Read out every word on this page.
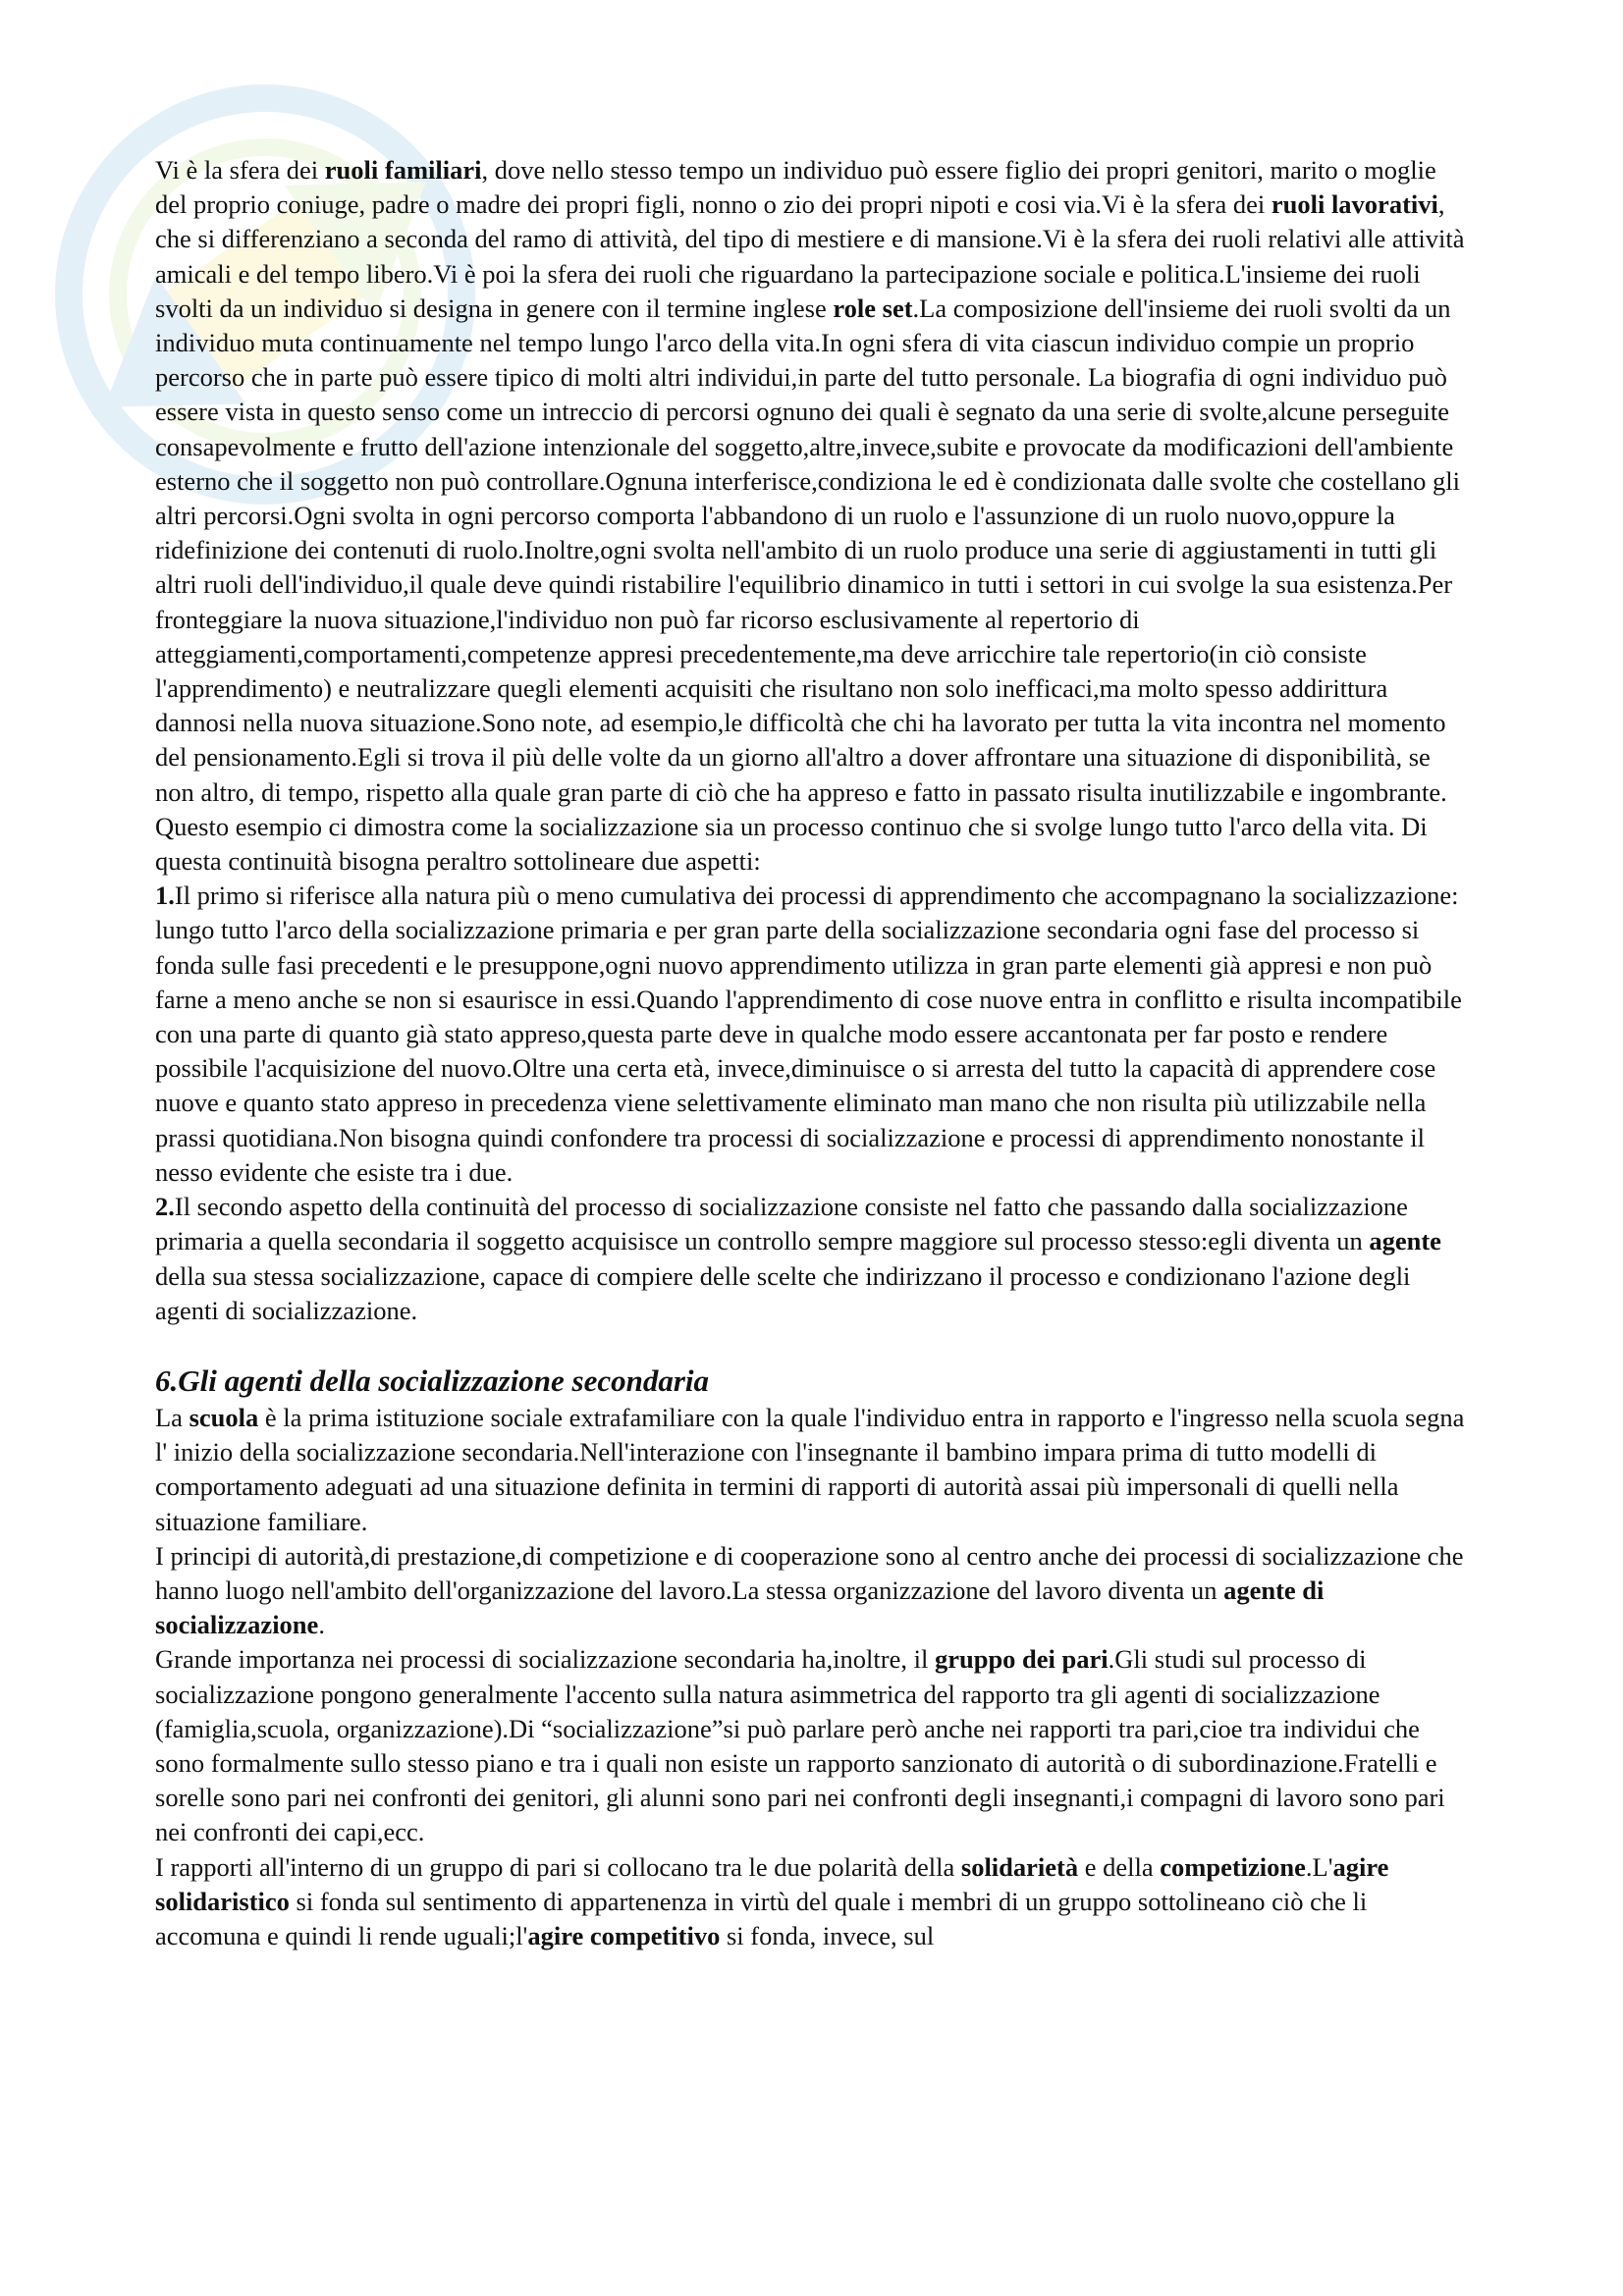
Vi è la sfera dei ruoli familiari, dove nello stesso tempo un individuo può essere figlio dei propri genitori, marito o moglie del proprio coniuge, padre o madre dei propri figli, nonno o zio dei propri nipoti e cosi via.Vi è la sfera dei ruoli lavorativi, che si differenziano a seconda del ramo di attività, del tipo di mestiere e di mansione.Vi è la sfera dei ruoli relativi alle attività amicali e del tempo libero.Vi è poi la sfera dei ruoli che riguardano la partecipazione sociale e politica.L'insieme dei ruoli svolti da un individuo si designa in genere con il termine inglese role set.La composizione dell'insieme dei ruoli svolti da un individuo muta continuamente nel tempo lungo l'arco della vita.In ogni sfera di vita ciascun individuo compie un proprio percorso che in parte può essere tipico di molti altri individui,in parte del tutto personale. La biografia di ogni individuo può essere vista in questo senso come un intreccio di percorsi ognuno dei quali è segnato da una serie di svolte,alcune perseguite consapevolmente e frutto dell'azione intenzionale del soggetto,altre,invece,subite e provocate da modificazioni dell'ambiente esterno che il soggetto non può controllare.Ognuna interferisce,condiziona le ed è condizionata dalle svolte che costellano gli altri percorsi.Ogni svolta in ogni percorso comporta l'abbandono di un ruolo e l'assunzione di un ruolo nuovo,oppure la ridefinizione dei contenuti di ruolo.Inoltre,ogni svolta nell'ambito di un ruolo produce una serie di aggiustamenti in tutti gli altri ruoli dell'individuo,il quale deve quindi ristabilire l'equilibrio dinamico in tutti i settori in cui svolge la sua esistenza.Per fronteggiare la nuova situazione,l'individuo non può far ricorso esclusivamente al repertorio di atteggiamenti,comportamenti,competenze appresi precedentemente,ma deve arricchire tale repertorio(in ciò consiste l'apprendimento) e neutralizzare quegli elementi acquisiti che risultano non solo inefficaci,ma molto spesso addirittura dannosi nella nuova situazione.Sono note, ad esempio,le difficoltà che chi ha lavorato per tutta la vita incontra nel momento del pensionamento.Egli si trova il più delle volte da un giorno all'altro a dover affrontare una situazione di disponibilità, se non altro, di tempo, rispetto alla quale gran parte di ciò che ha appreso e fatto in passato risulta inutilizzabile e ingombrante.

Questo esempio ci dimostra come la socializzazione sia un processo continuo che si svolge lungo tutto l'arco della vita. Di questa continuità bisogna peraltro sottolineare due aspetti:

1.Il primo si riferisce alla natura più o meno cumulativa dei processi di apprendimento che accompagnano la socializzazione: lungo tutto l'arco della socializzazione primaria e per gran parte della socializzazione secondaria ogni fase del processo si fonda sulle fasi precedenti e le presuppone,ogni nuovo apprendimento utilizza in gran parte elementi già appresi e non può farne a meno anche se non si esaurisce in essi.Quando l'apprendimento di cose nuove entra in conflitto e risulta incompatibile con una parte di quanto già stato appreso,questa parte deve in qualche modo essere accantonata per far posto e rendere possibile l'acquisizione del nuovo.Oltre una certa età, invece,diminuisce o si arresta del tutto la capacità di apprendere cose nuove e quanto stato appreso in precedenza viene selettivamente eliminato man mano che non risulta più utilizzabile nella prassi quotidiana.Non bisogna quindi confondere tra processi di socializzazione e processi di apprendimento nonostante il nesso evidente che esiste tra i due.

2.Il secondo aspetto della continuità del processo di socializzazione consiste nel fatto che passando dalla socializzazione primaria a quella secondaria il soggetto acquisisce un controllo sempre maggiore sul processo stesso:egli diventa un agente della sua stessa socializzazione, capace di compiere delle scelte che indirizzano il processo e condizionano l'azione degli agenti di socializzazione.

6.Gli agenti della socializzazione secondaria

La scuola è la prima istituzione sociale extrafamiliare con la quale l'individuo entra in rapporto e l'ingresso nella scuola segna l' inizio della socializzazione secondaria.Nell'interazione con l'insegnante il bambino impara prima di tutto modelli di comportamento adeguati ad una situazione definita in termini di rapporti di autorità assai più impersonali di quelli nella situazione familiare.

I principi di autorità,di prestazione,di competizione e di cooperazione sono al centro anche dei processi di socializzazione che hanno luogo nell'ambito dell'organizzazione del lavoro.La stessa organizzazione del lavoro diventa un agente di socializzazione.

Grande importanza nei processi di socializzazione secondaria ha,inoltre, il gruppo dei pari.Gli studi sul processo di socializzazione pongono generalmente l'accento sulla natura asimmetrica del rapporto tra gli agenti di socializzazione (famiglia,scuola, organizzazione).Di “socializzazione”si può parlare però anche nei rapporti tra pari,cioe tra individui che sono formalmente sullo stesso piano e tra i quali non esiste un rapporto sanzionato di autorità o di subordinazione.Fratelli e sorelle sono pari nei confronti dei genitori, gli alunni sono pari nei confronti degli insegnanti,i compagni di lavoro sono pari nei confronti dei capi,ecc.

I rapporti all'interno di un gruppo di pari si collocano tra le due polarità della solidarietà e della competizione.L'agire solidaristico si fonda sul sentimento di appartenenza in virtù del quale i membri di un gruppo sottolineano ciò che li accomuna e quindi li rende uguali;l'agire competitivo si fonda, invece, sul
